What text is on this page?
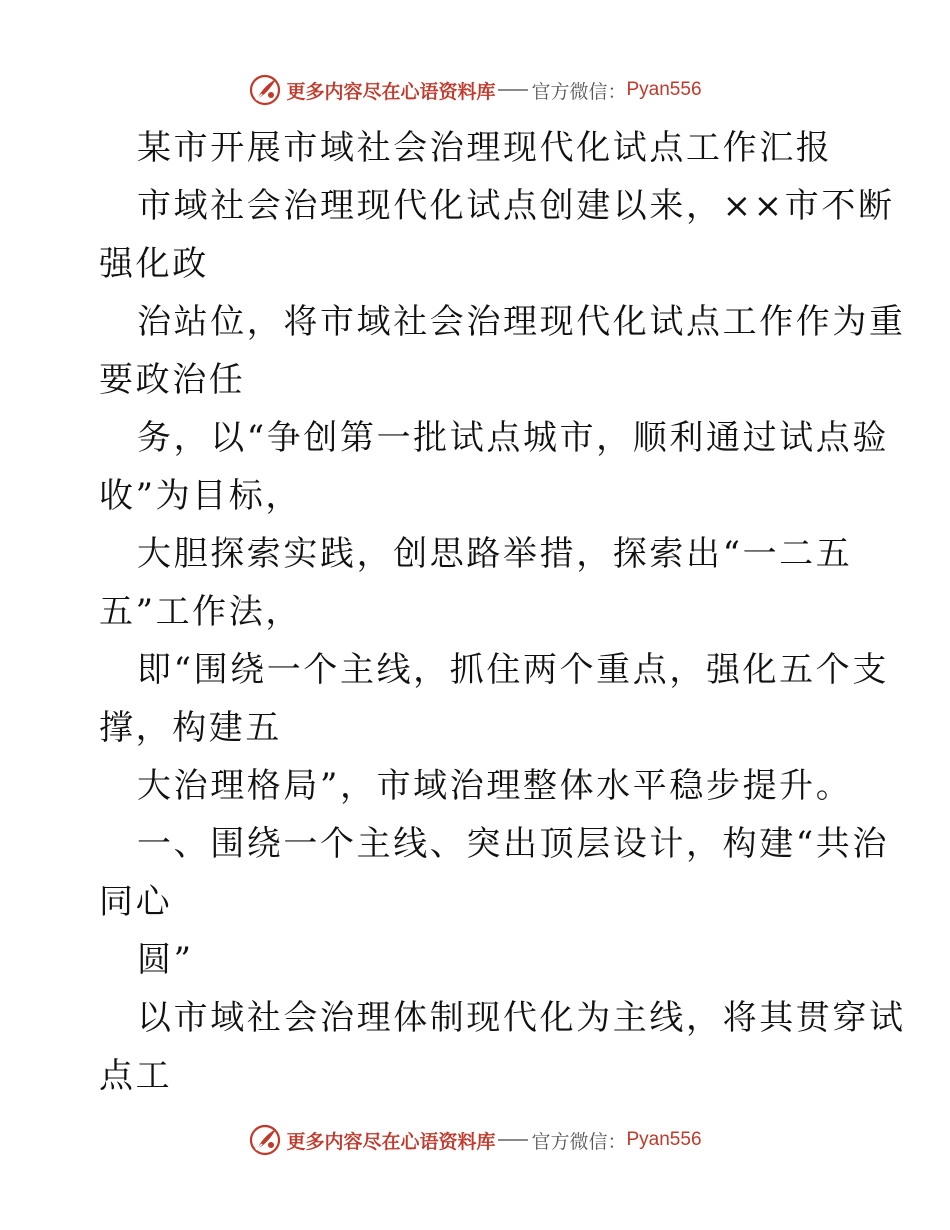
更多内容尽在心语资料库 官方微信： Pyan556
某市开展市域社会治理现代化试点工作汇报
市域社会治理现代化试点创建以来，××市不断
强化政
治站位，将市域社会治理现代化试点工作作为重
要政治任
务，以“争创第一批试点城市，顺利通过试点验
收”为目标，
大胆探索实践，创思路举措，探索出“一二五
五”工作法，
即“围绕一个主线，抓住两个重点，强化五个支
撑，构建五
大治理格局”，市域治理整体水平稳步提升。
一、围绕一个主线、突出顶层设计，构建“共治
同心
圆”
以市域社会治理体制现代化为主线，将其贯穿试
点工
更多内容尽在心语资料库 官方微信： Pyan556
